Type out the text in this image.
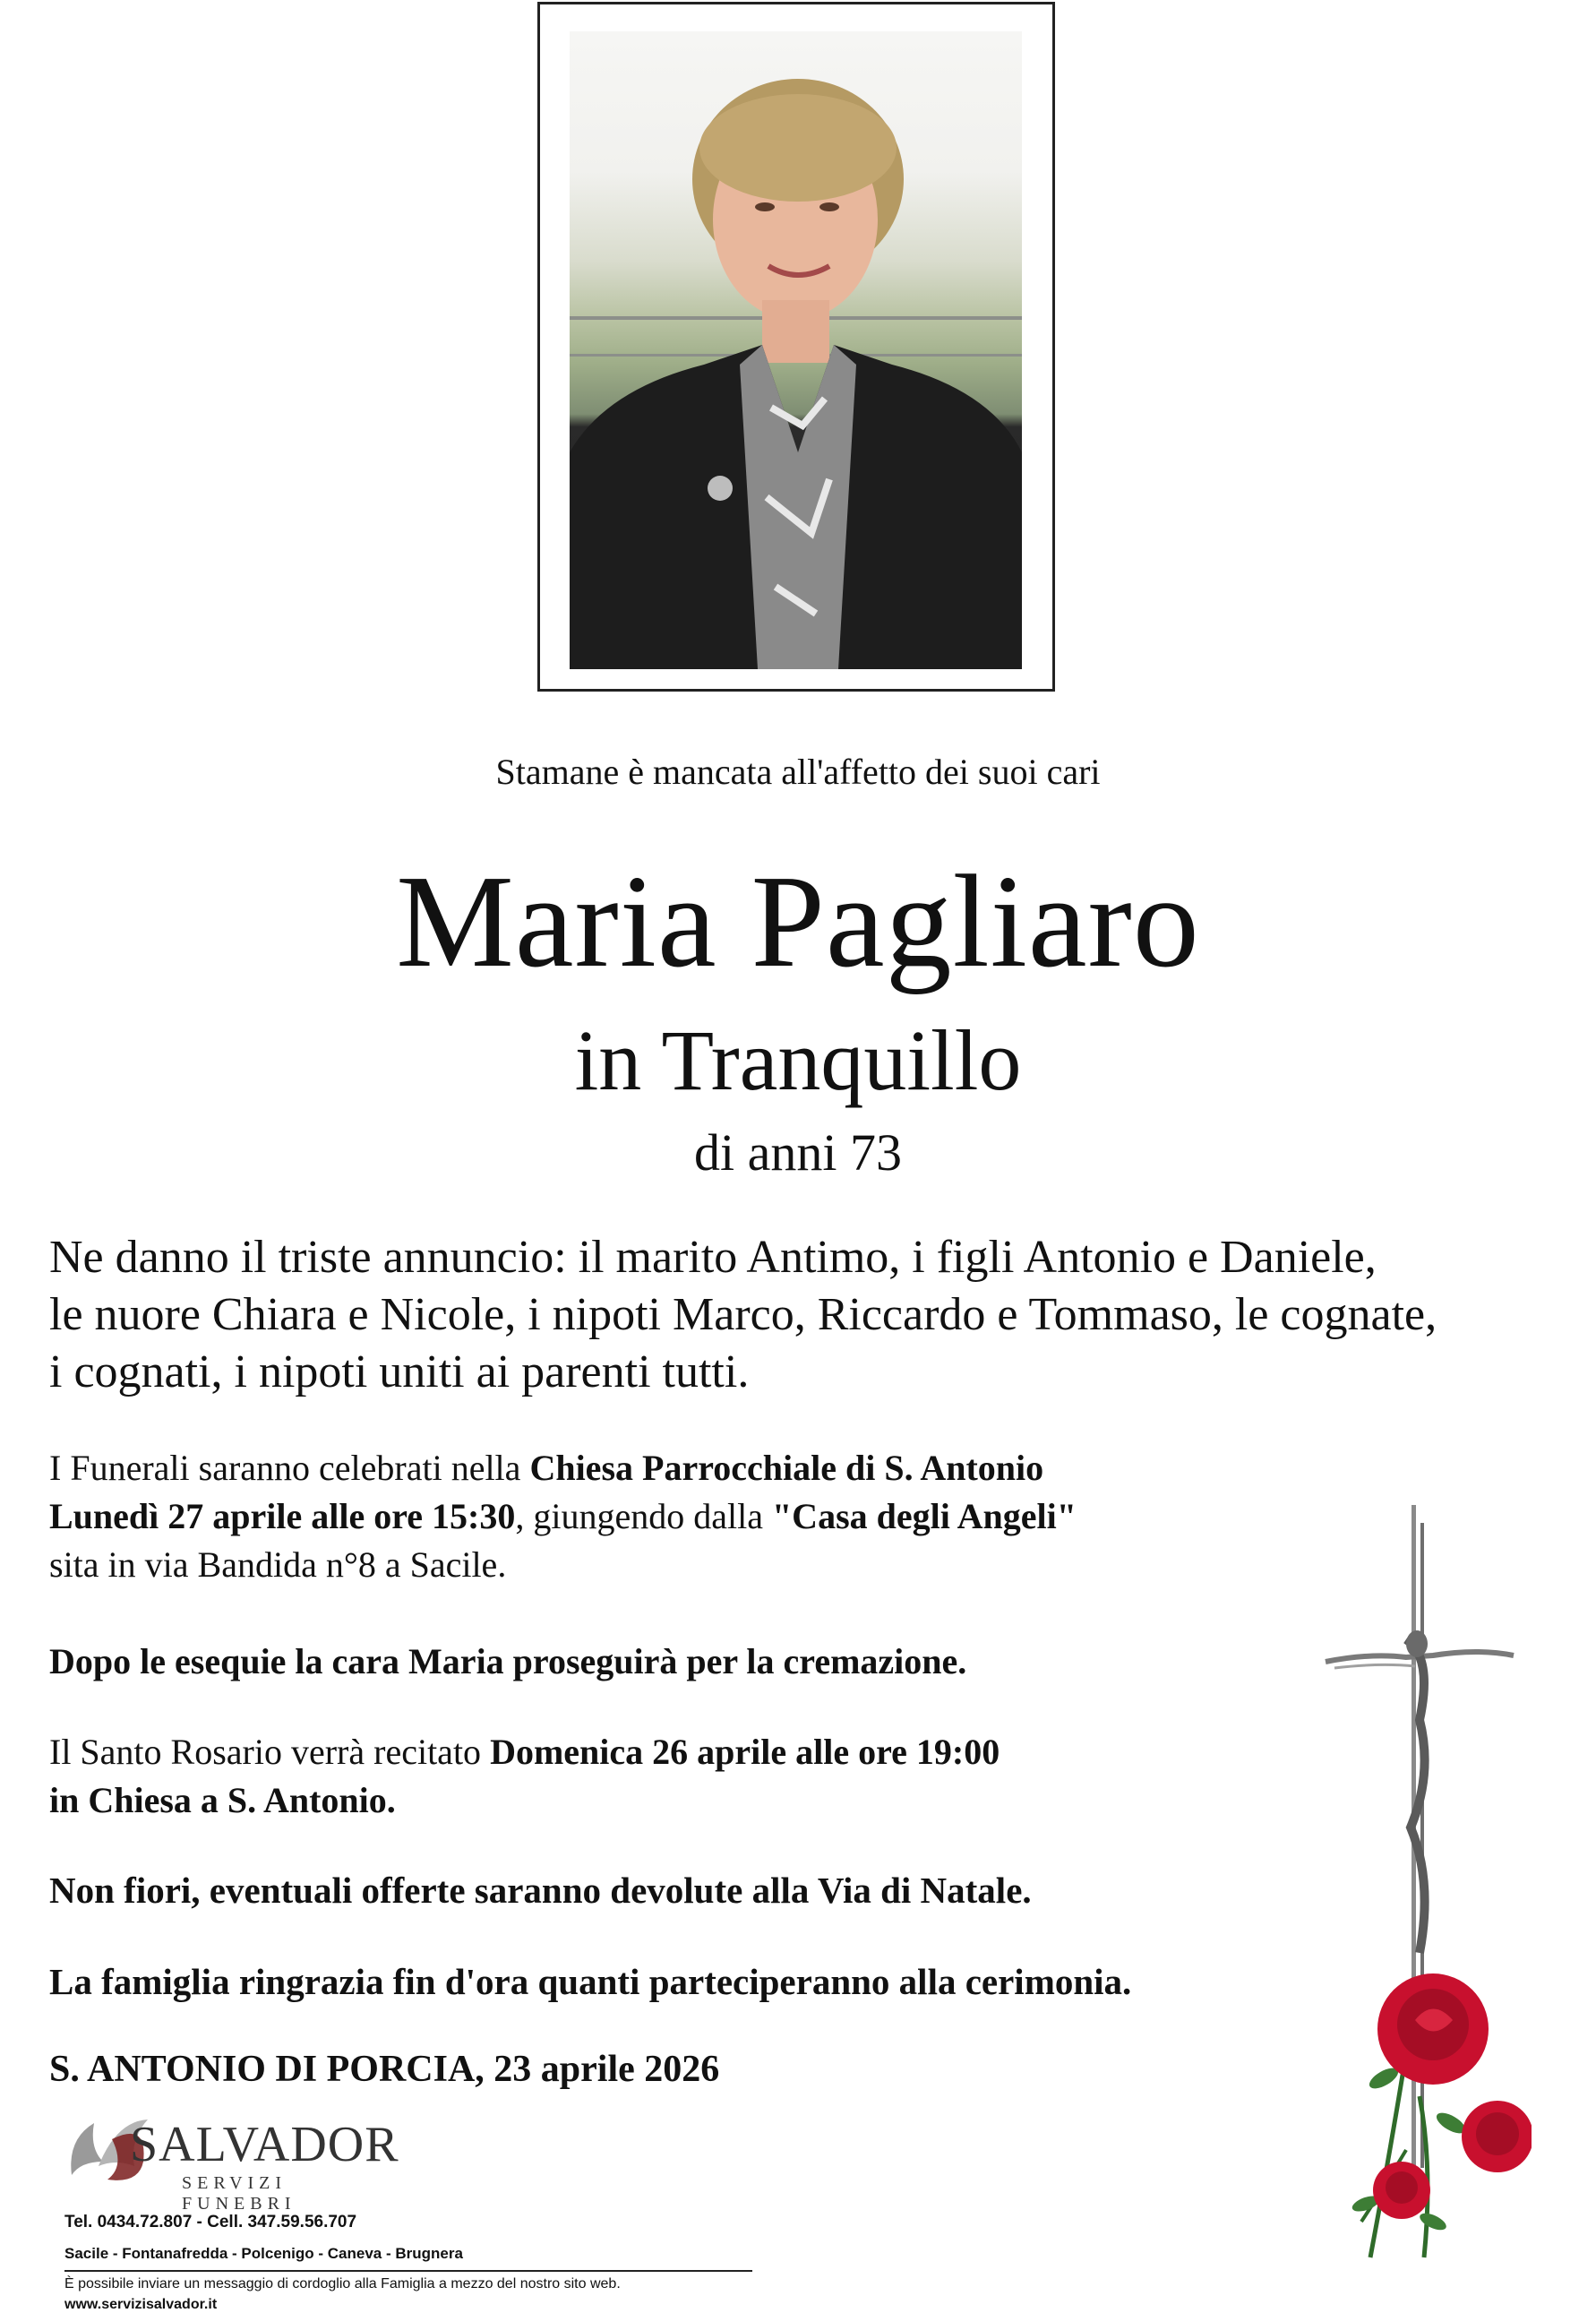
Stamane è mancata all'affetto dei suoi cari
Maria Pagliaro
in Tranquillo
di anni 73
Ne danno il triste annuncio: il marito Antimo, i figli Antonio e Daniele,
le nuore Chiara e Nicole, i nipoti Marco, Riccardo e Tommaso, le cognate,
i cognati, i nipoti uniti ai parenti tutti.
I Funerali saranno celebrati nella Chiesa Parrocchiale di S. Antonio
Lunedì 27 aprile alle ore 15:30, giungendo dalla "Casa degli Angeli"
sita in via Bandida n°8 a Sacile.
Dopo le esequie la cara Maria proseguirà per la cremazione.
Il Santo Rosario verrà recitato Domenica 26 aprile alle ore 19:00
in Chiesa a S. Antonio.
Non fiori, eventuali offerte saranno devolute alla Via di Natale.
La famiglia ringrazia fin d'ora quanti parteciperanno alla cerimonia.
S. ANTONIO DI PORCIA, 23 aprile 2026
SALVADOR
SERVIZI FUNEBRI
Tel. 0434.72.807 - Cell. 347.59.56.707
Sacile - Fontanafredda - Polcenigo - Caneva - Brugnera
È possibile inviare un messaggio di cordoglio alla Famiglia a mezzo del nostro sito web.
www.servizisalvador.it
